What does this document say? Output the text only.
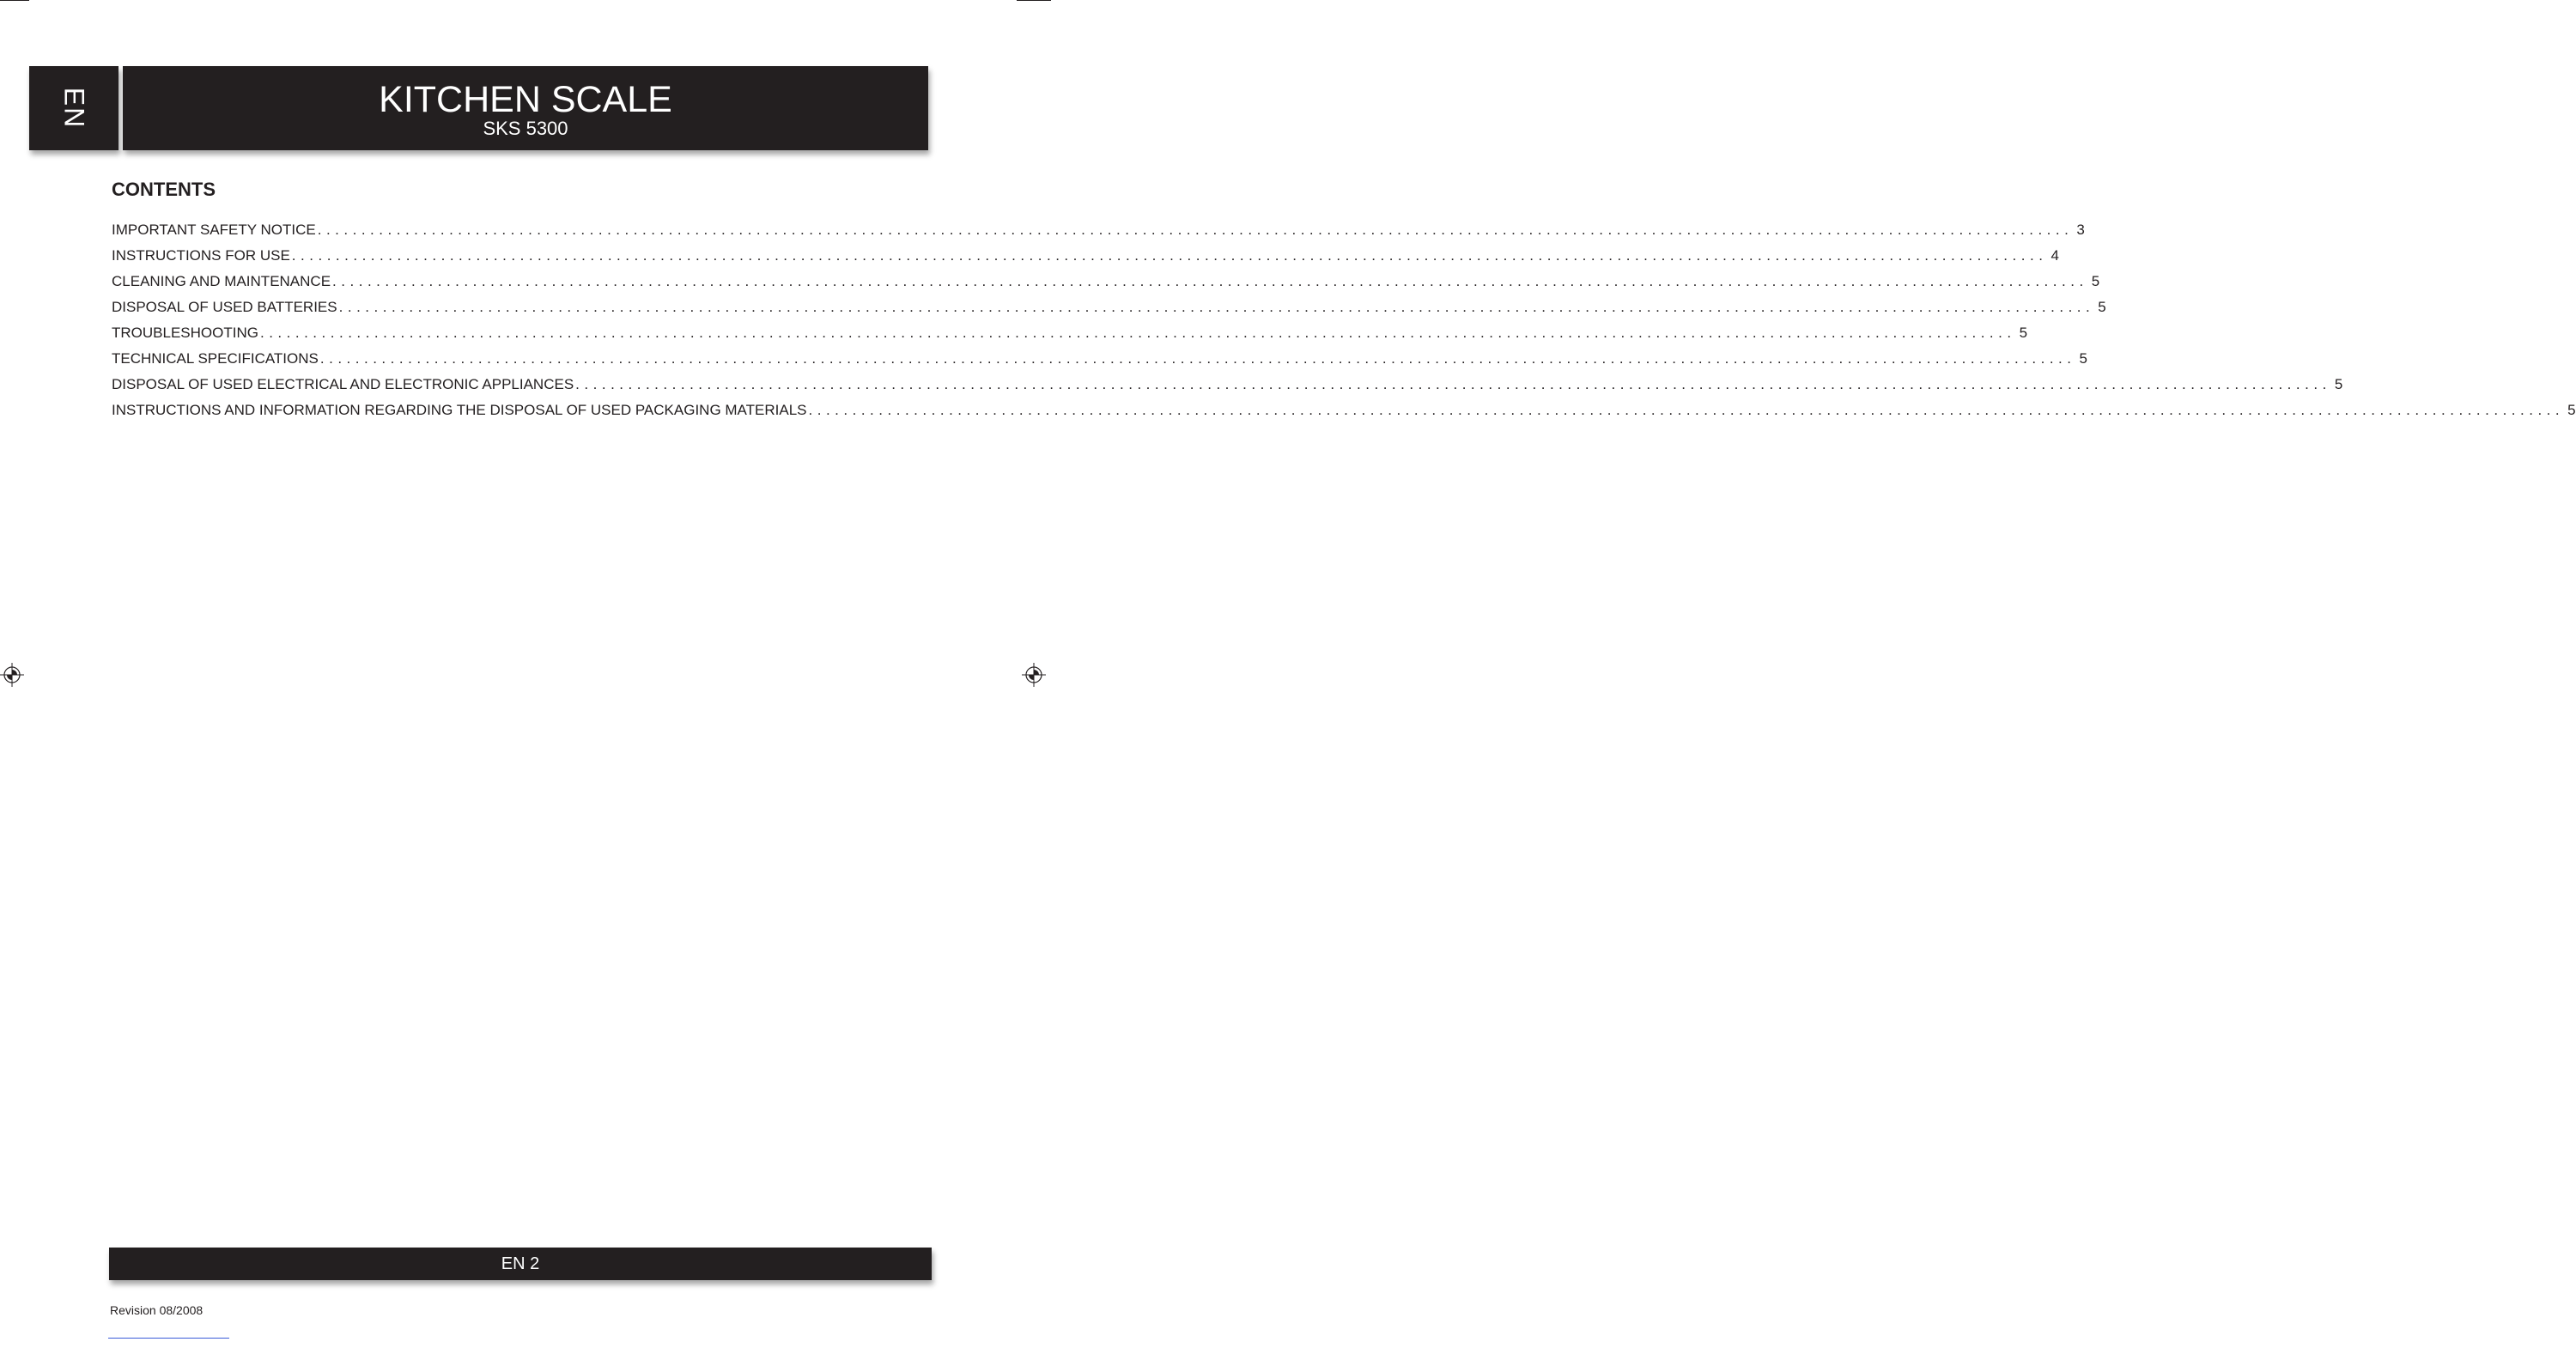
EN	KITCHEN SCALE
SKS 5300
CONTENTS
IMPORTANT SAFETY NOTICE ........................................................................................................................................................................................................ 3
INSTRUCTIONS FOR USE ........................................................................................................................................................................................................ 4
CLEANING AND MAINTENANCE ........................................................................................................................................................................................................ 5
DISPOSAL OF USED BATTERIES ........................................................................................................................................................................................................ 5
TROUBLESHOOTING ........................................................................................................................................................................................................ 5
TECHNICAL SPECIFICATIONS ........................................................................................................................................................................................................ 5
DISPOSAL OF USED ELECTRICAL AND ELECTRONIC APPLIANCES ........................................................................................................................................................................................................ 5
INSTRUCTIONS AND INFORMATION REGARDING THE DISPOSAL OF USED PACKAGING MATERIALS ........................................................................................................................................................................................................ 5
EN 2
Revision 08/2008
